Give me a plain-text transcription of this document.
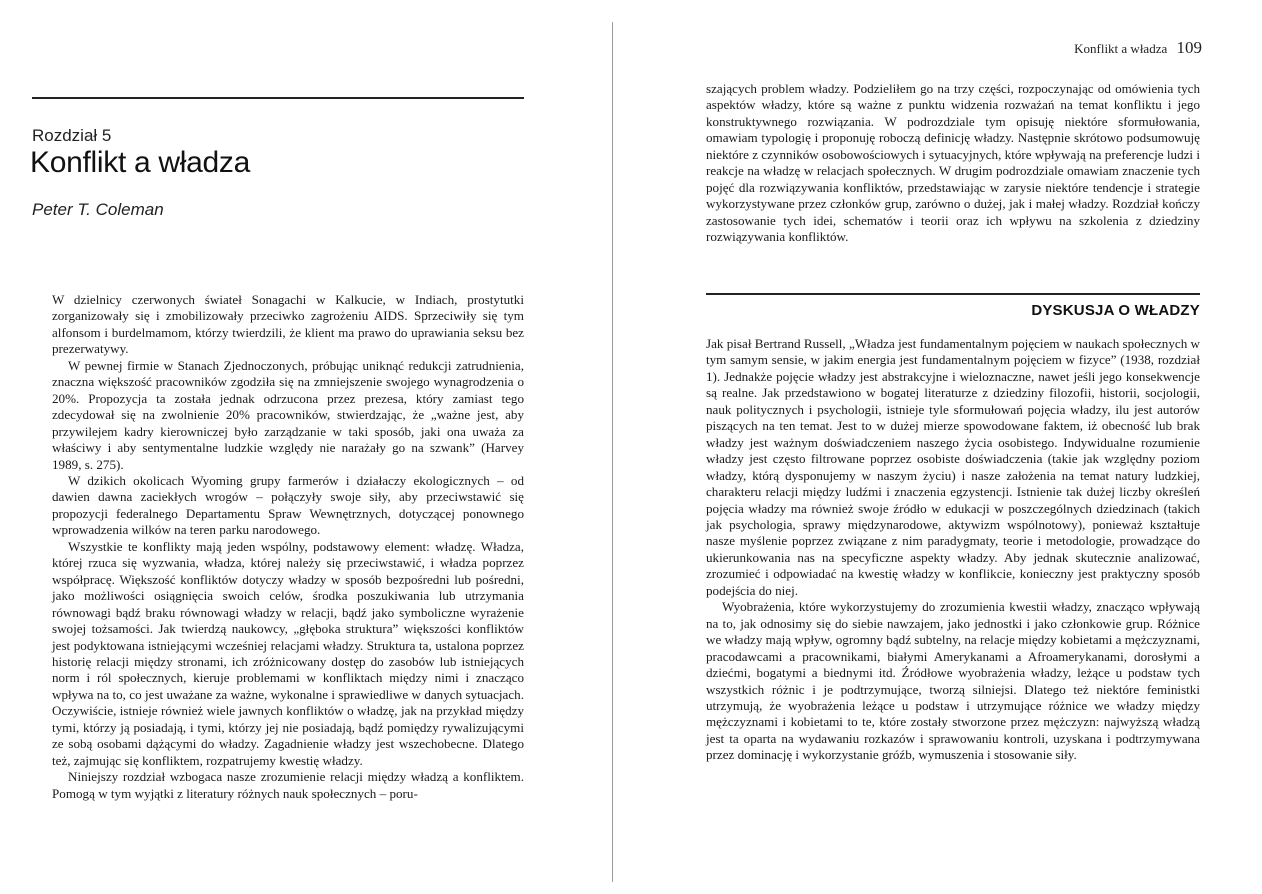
Rozdział 5
Konflikt a władza
Peter T. Coleman

W dzielnicy czerwonych świateł Sonagachi w Kalkucie, w Indiach, prostytutki zorganizowały się i zmobilizowały przeciwko zagrożeniu AIDS. Sprzeciwiły się tym alfonsom i burdelmamom, którzy twierdzili, że klient ma prawo do uprawiania seksu bez prezerwatywy.

W pewnej firmie w Stanach Zjednoczonych, próbując uniknąć redukcji zatrudnienia, znaczna większość pracowników zgodziła się na zmniejszenie swojego wynagrodzenia o 20%. Propozycja ta została jednak odrzucona przez prezesa, który zamiast tego zdecydował się na zwolnienie 20% pracowników, stwierdzając, że „ważne jest, aby przywilejem kadry kierowniczej było zarządzanie w taki sposób, jaki ona uważa za właściwy i aby sentymentalne ludzkie względy nie narażały go na szwank” (Harvey 1989, s. 275).

W dzikich okolicach Wyoming grupy farmerów i działaczy ekologicznych – od dawien dawna zaciekłych wrogów – połączyły swoje siły, aby przeciwstawić się propozycji federalnego Departamentu Spraw Wewnętrznych, dotyczącej ponownego wprowadzenia wilków na teren parku narodowego.

Wszystkie te konflikty mają jeden wspólny, podstawowy element: władzę. Władza, której rzuca się wyzwania, władza, której należy się przeciwstawić, i władza poprzez współpracę. Większość konfliktów dotyczy władzy w sposób bezpośredni lub pośredni, jako możliwości osiągnięcia swoich celów, środka poszukiwania lub utrzymania równowagi bądź braku równowagi władzy w relacji, bądź jako symboliczne wyrażenie swojej tożsamości. Jak twierdzą naukowcy, „głęboka struktura” większości konfliktów jest podyktowana istniejącymi wcześniej relacjami władzy. Struktura ta, ustalona poprzez historię relacji między stronami, ich zróżnicowany dostęp do zasobów lub istniejących norm i ról społecznych, kieruje problemami w konfliktach między nimi i znacząco wpływa na to, co jest uważane za ważne, wykonalne i sprawiedliwe w danych sytuacjach. Oczywiście, istnieje również wiele jawnych konfliktów o władzę, jak na przykład między tymi, którzy ją posiadają, i tymi, którzy jej nie posiadają, bądź pomiędzy rywalizującymi ze sobą osobami dążącymi do władzy. Zagadnienie władzy jest wszechobecne. Dlatego też, zajmując się konfliktem, rozpatrujemy kwestię władzy.

Niniejszy rozdział wzbogaca nasze zrozumienie relacji między władzą a konfliktem. Pomogą w tym wyjątki z literatury różnych nauk społecznych – poru-

Konflikt a władza 109

szających problem władzy. Podzieliłem go na trzy części, rozpoczynając od omówienia tych aspektów władzy, które są ważne z punktu widzenia rozważań na temat konfliktu i jego konstruktywnego rozwiązania. W podrozdziale tym opisuję niektóre sformułowania, omawiam typologię i proponuję roboczą definicję władzy. Następnie skrótowo podsumowuję niektóre z czynników osobowościowych i sytuacyjnych, które wpływają na preferencje ludzi i reakcje na władzę w relacjach społecznych. W drugim podrozdziale omawiam znaczenie tych pojęć dla rozwiązywania konfliktów, przedstawiając w zarysie niektóre tendencje i strategie wykorzystywane przez członków grup, zarówno o dużej, jak i małej władzy. Rozdział kończy zastosowanie tych idei, schematów i teorii oraz ich wpływu na szkolenia z dziedziny rozwiązywania konfliktów.

DYSKUSJA O WŁADZY

Jak pisał Bertrand Russell, „Władza jest fundamentalnym pojęciem w naukach społecznych w tym samym sensie, w jakim energia jest fundamentalnym pojęciem w fizyce” (1938, rozdział 1). Jednakże pojęcie władzy jest abstrakcyjne i wieloznaczne, nawet jeśli jego konsekwencje są realne. Jak przedstawiono w bogatej literaturze z dziedziny filozofii, historii, socjologii, nauk politycznych i psychologii, istnieje tyle sformułowań pojęcia władzy, ilu jest autorów piszących na ten temat. Jest to w dużej mierze spowodowane faktem, iż obecność lub brak władzy jest ważnym doświadczeniem naszego życia osobistego. Indywidualne rozumienie władzy jest często filtrowane poprzez osobiste doświadczenia (takie jak względny poziom władzy, którą dysponujemy w naszym życiu) i nasze założenia na temat natury ludzkiej, charakteru relacji między ludźmi i znaczenia egzystencji. Istnienie tak dużej liczby określeń pojęcia władzy ma również swoje źródło w edukacji w poszczególnych dziedzinach (takich jak psychologia, sprawy międzynarodowe, aktywizm wspólnotowy), ponieważ kształtuje nasze myślenie poprzez związane z nim paradygmaty, teorie i metodologie, prowadzące do ukierunkowania nas na specyficzne aspekty władzy. Aby jednak skutecznie analizować, zrozumieć i odpowiadać na kwestię władzy w konflikcie, konieczny jest praktyczny sposób podejścia do niej.

Wyobrażenia, które wykorzystujemy do zrozumienia kwestii władzy, znacząco wpływają na to, jak odnosimy się do siebie nawzajem, jako jednostki i jako członkowie grup. Różnice we władzy mają wpływ, ogromny bądź subtelny, na relacje między kobietami a mężczyznami, pracodawcami a pracownikami, białymi Amerykanami a Afroamerykanami, dorosłymi a dziećmi, bogatymi a biednymi itd. Źródłowe wyobrażenia władzy, leżące u podstaw tych wszystkich różnic i je podtrzymujące, tworzą silniejsi. Dlatego też niektóre feministki utrzymują, że wyobrażenia leżące u podstaw i utrzymujące różnice we władzy między mężczyznami i kobietami to te, które zostały stworzone przez mężczyzn: najwyższą władzą jest ta oparta na wydawaniu rozkazów i sprawowaniu kontroli, uzyskana i podtrzymywana przez dominację i wykorzystanie gróźb, wymuszenia i stosowanie siły.
